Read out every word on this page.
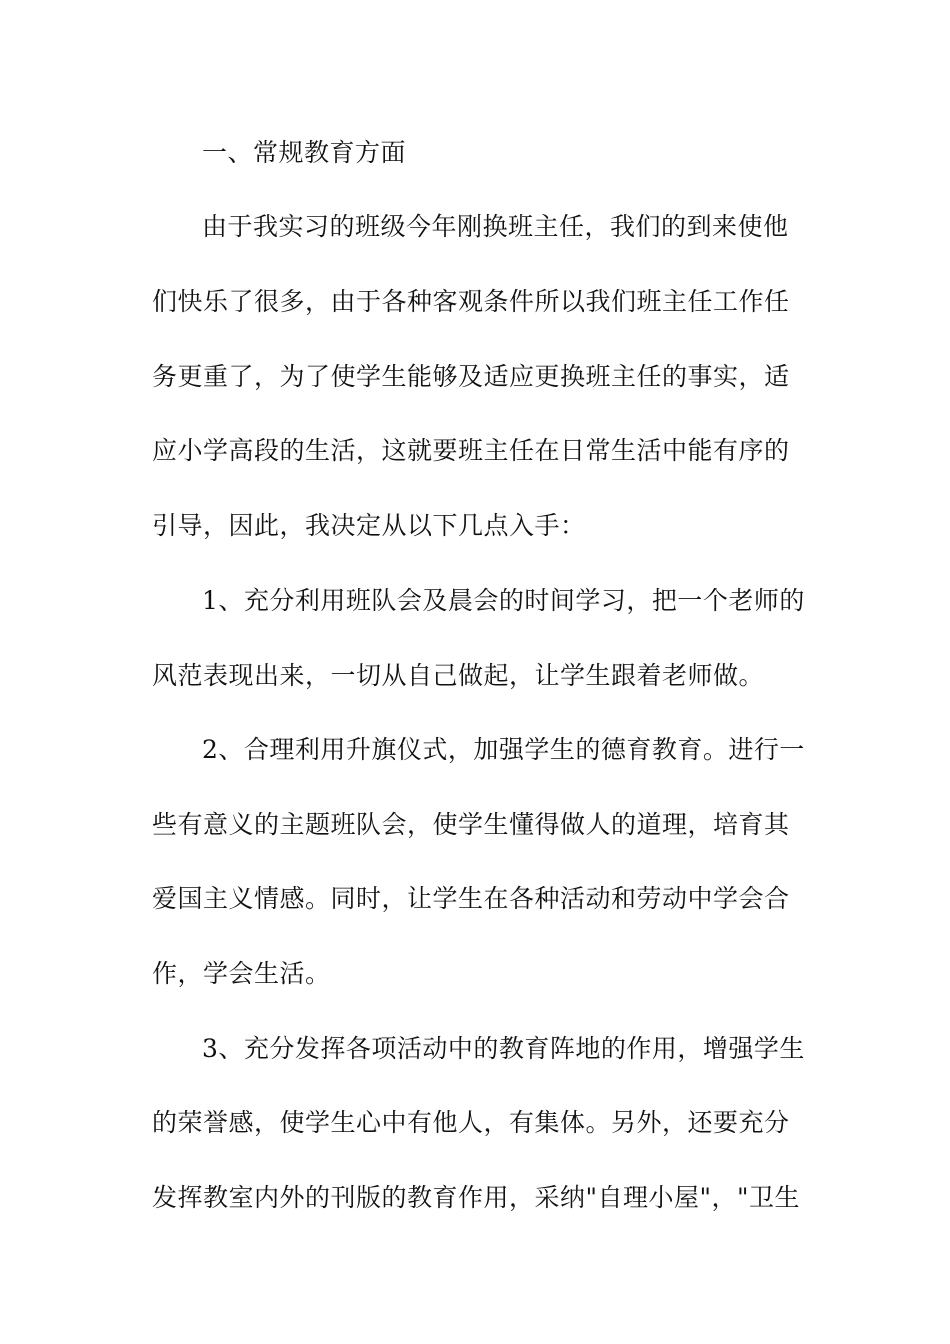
一、常规教育方面
由于我实习的班级今年刚换班主任，我们的到来使他
们快乐了很多，由于各种客观条件所以我们班主任工作任
务更重了，为了使学生能够及适应更换班主任的事实，适
应小学高段的生活，这就要班主任在日常生活中能有序的
引导，因此，我决定从以下几点入手：
1、充分利用班队会及晨会的时间学习，把一个老师的
风范表现出来，一切从自己做起，让学生跟着老师做。
2、合理利用升旗仪式，加强学生的德育教育。进行一
些有意义的主题班队会，使学生懂得做人的道理，培育其
爱国主义情感。同时，让学生在各种活动和劳动中学会合
作，学会生活。
3、充分发挥各项活动中的教育阵地的作用，增强学生
的荣誉感，使学生心中有他人，有集体。另外，还要充分
发挥教室内外的刊版的教育作用，采纳"自理小屋"，"卫生
